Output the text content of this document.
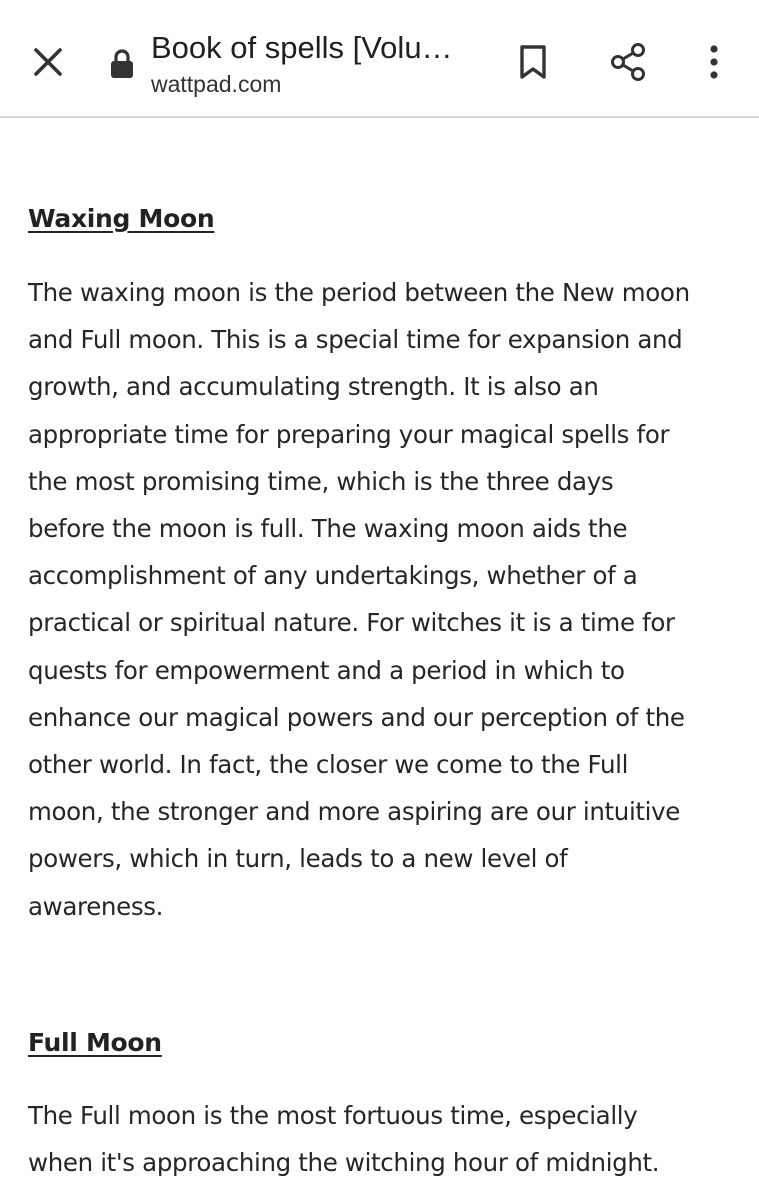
Book of spells [Volu…
wattpad.com
Waxing Moon
The waxing moon is the period between the New moon
and Full moon. This is a special time for expansion and
growth, and accumulating strength. It is also an
appropriate time for preparing your magical spells for
the most promising time, which is the three days
before the moon is full. The waxing moon aids the
accomplishment of any undertakings, whether of a
practical or spiritual nature. For witches it is a time for
quests for empowerment and a period in which to
enhance our magical powers and our perception of the
other world. In fact, the closer we come to the Full
moon, the stronger and more aspiring are our intuitive
powers, which in turn, leads to a new level of
awareness.
Full Moon
The Full moon is the most fortuous time, especially
when it's approaching the witching hour of midnight.
